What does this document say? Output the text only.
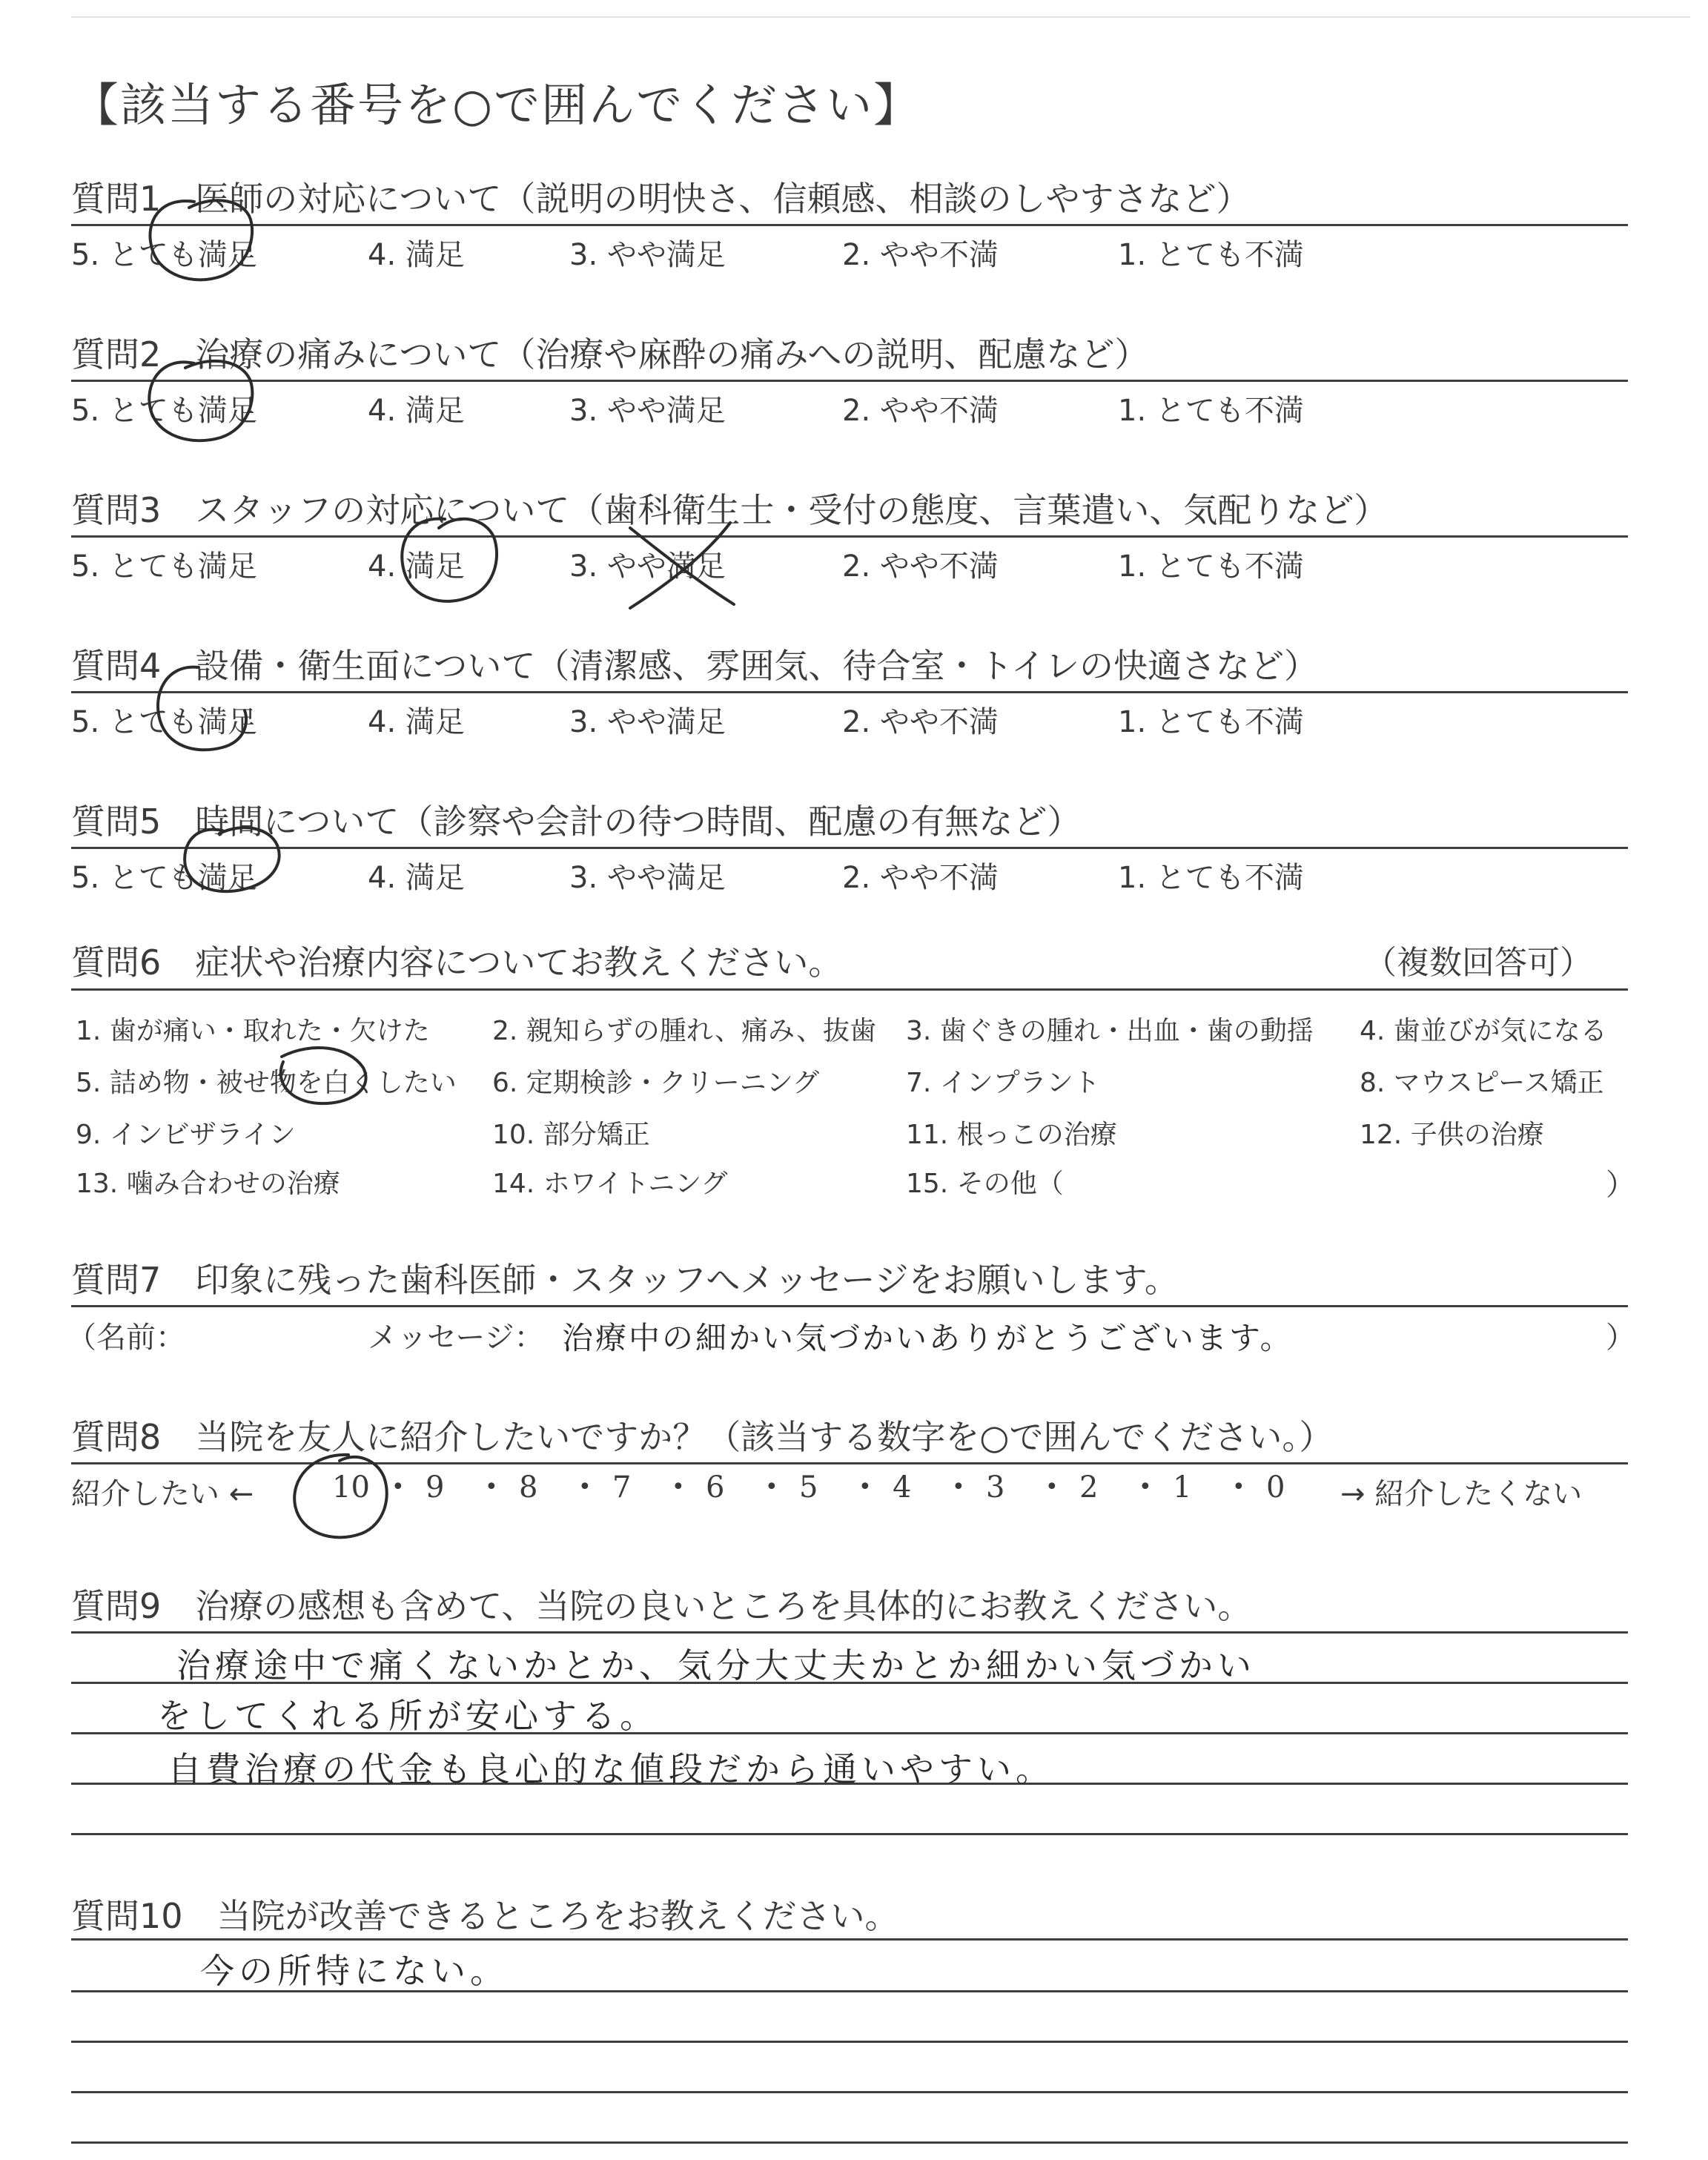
【該当する番号を○で囲んでください】
質問1　医師の対応について（説明の明快さ、信頼感、相談のしやすさなど）
5. とても満足	4. 満足	3. やや満足	2. やや不満	1. とても不満
質問2　治療の痛みについて（治療や麻酔の痛みへの説明、配慮など）
5. とても満足	4. 満足	3. やや満足	2. やや不満	1. とても不満
質問3　スタッフの対応について（歯科衛生士・受付の態度、言葉遣い、気配りなど）
5. とても満足	4. 満足	3. やや満足	2. やや不満	1. とても不満
質問4　設備・衛生面について（清潔感、雰囲気、待合室・トイレの快適さなど）
5. とても満足	4. 満足	3. やや満足	2. やや不満	1. とても不満
質問5　時間について（診察や会計の待つ時間、配慮の有無など）
5. とても満足	4. 満足	3. やや満足	2. やや不満	1. とても不満
質問6　症状や治療内容についてお教えください。	（複数回答可）
1. 歯が痛い・取れた・欠けた 2. 親知らずの腫れ、痛み、抜歯 3. 歯ぐきの腫れ・出血・歯の動揺 4. 歯並びが気になる
5. 詰め物・被せ物を白くしたい 6. 定期検診・クリーニング	7. インプラント	8. マウスピース矯正
9. インビザライン	10. 部分矯正	11. 根っこの治療	12. 子供の治療
13. 噛み合わせの治療	14. ホワイトニング	15. その他（	）
質問7　印象に残った歯科医師・スタッフへメッセージをお願いします。
（名前：	メッセージ： 治療中の細かい気づかいありがとうございます。	）
質問8　当院を友人に紹介したいですか？（該当する数字を○で囲んでください。）
紹介したい ←	10 • 9 • 8 • 7 • 6 • 5 • 4 • 3 • 2 • 1 • 0 → 紹介したくない
質問9　治療の感想も含めて、当院の良いところを具体的にお教えください。
治療途中で痛くないかとか、気分大丈夫かとか細かい気づかい
をしてくれる所が安心する。
自費治療の代金も良心的な値段だから通いやすい。
質問10　当院が改善できるところをお教えください。
今の所特にない。
